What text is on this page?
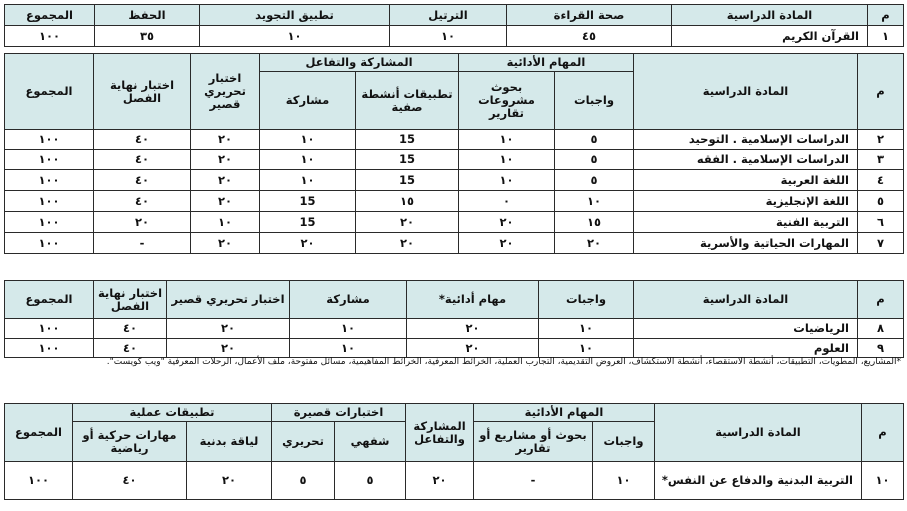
م	المادة الدراسية	صحة القراءة	الترتيل	تطبيق التجويد	الحفظ	المجموع
١	القرآن الكريم	٤٥	١٠	١٠	٣٥	١٠٠
م	المادة الدراسية	المهام الأدائية		المشاركة والتفاعل		اختبار تحريري قصير	اختبار نهاية الفصل	المجموع
		واجبات	بحوث مشروعات تقارير	تطبيقات أنشطة صفية	مشاركة			
٢	الدراسات الإسلامية . التوحيد	٥	١٠	15	١٠	٢٠	٤٠	١٠٠
٣	الدراسات الإسلامية . الفقه	٥	١٠	15	١٠	٢٠	٤٠	١٠٠
٤	اللغة العربية	٥	١٠	15	١٠	٢٠	٤٠	١٠٠
٥	اللغة الإنجليزية	١٠	٠	١٥	15	٢٠	٤٠	١٠٠
٦	التربية الفنية	١٥	٢٠	٢٠	15	١٠	٢٠	١٠٠
٧	المهارات الحياتية والأسرية	٢٠	٢٠	٢٠	٢٠	٢٠	-	١٠٠
م	المادة الدراسية	واجبات	مهام أدائية*	مشاركة	اختبار تحريري قصير	اختبار نهاية الفصل	المجموع
٨	الرياضيات	١٠	٢٠	١٠	٢٠	٤٠	١٠٠
٩	العلوم	١٠	٢٠	١٠	٢٠	٤٠	١٠٠
*المشاريع، المطويات، التطبيقات، أنشطة الاستقصاء، أنشطة الاستكشاف، العروض التقديمية، التجارب العملية، الخرائط المعرفية، الخرائط المفاهيمية، مسائل مفتوحة، ملف الأعمال، الرحلات المعرفية "ويب كويست".
م	المادة الدراسية	المهام الأدائية		المشاركة والتفاعل	اختبارات قصيرة		تطبيقات عملية		المجموع
		واجبات	بحوث أو مشاريع أو تقارير		شفهي	تحريري	لياقة بدنية	مهارات حركية أو رياضية	
١٠	التربية البدنية والدفاع عن النفس*	١٠	-	٢٠	٥	٥	٢٠	٤٠	١٠٠
